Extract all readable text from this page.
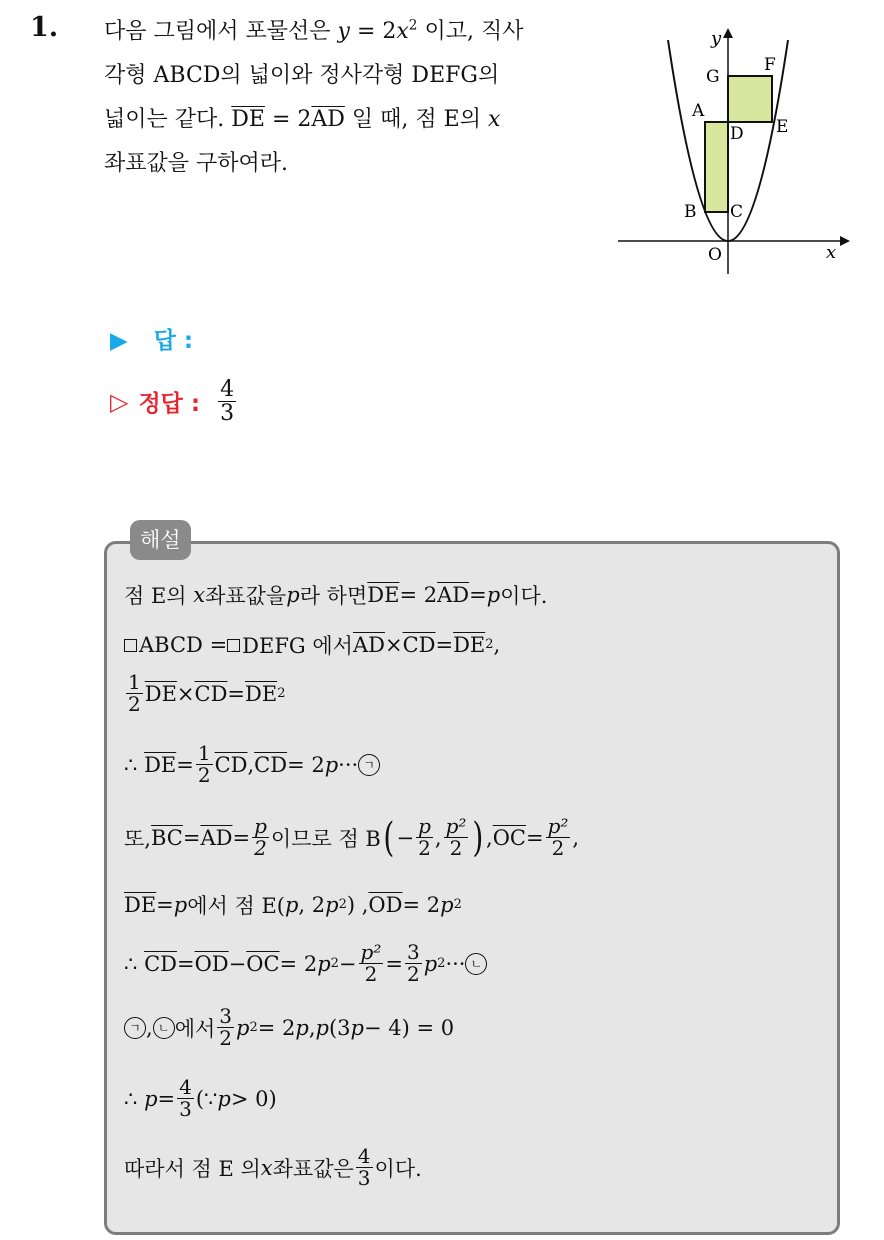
1. 다음 그림에서 포물선은 $y = 2x^2$ 이고, 직사
각형 ABCD의 넓이와 정사각형 DEFG의
넓이는 같다. $\overline{DE} = 2\overline{AD}$ 일 때, 점 E의 x
좌표값을 구하여라.
y
x
O
A
B C
D E
F
G
▶ 답 :
▷ 정답 : $\frac{4}{3}$
해설
점 E의
x 좌표값을 p 라 하면 $\overline{DE} = 2$ $\overline{AD} = p$ 이다.
ABCD = DEFG 에서 $\overline{AD} \times \overline{CD} = \overline{DE}$ 2 ,
$\frac{1}{2} \overline{DE} \times \overline{CD} = \overline{DE}$ 2
∴
$\overline{DE} = \frac{1}{2} \overline{CD}$ , $\overline{CD} = 2$ p ··· ㄱ
또, $\overline{BC} = \overline{AD} = \frac{p}{2}$ 이므로 점 B ( − $\frac{p}{2}$ , $\frac{\text{p²}}{2}$ ) , $\overline{OC} = \frac{\text{p²}}{2}$ ,
$\overline{DE} = p$ 에서 점 E( p , 2 p 2 ) , $\overline{OD} = 2$ p 2
∴
$\overline{CD} = \overline{OD} - \overline{OC} = 2$ p $2 - \frac{\text{p²}}{2} = \frac{3}{2}$ p 2 ··· ㄴ
ㄱ , ㄴ 에서 $\frac{3}{2}$ p 2 = 2 p , p (3 p − 4) = 0
∴
$p = \frac{4}{3}$ (∵ p > 0)
따라서 점 E 의 x 좌표값은 $\frac{4}{3}$ 이다.
